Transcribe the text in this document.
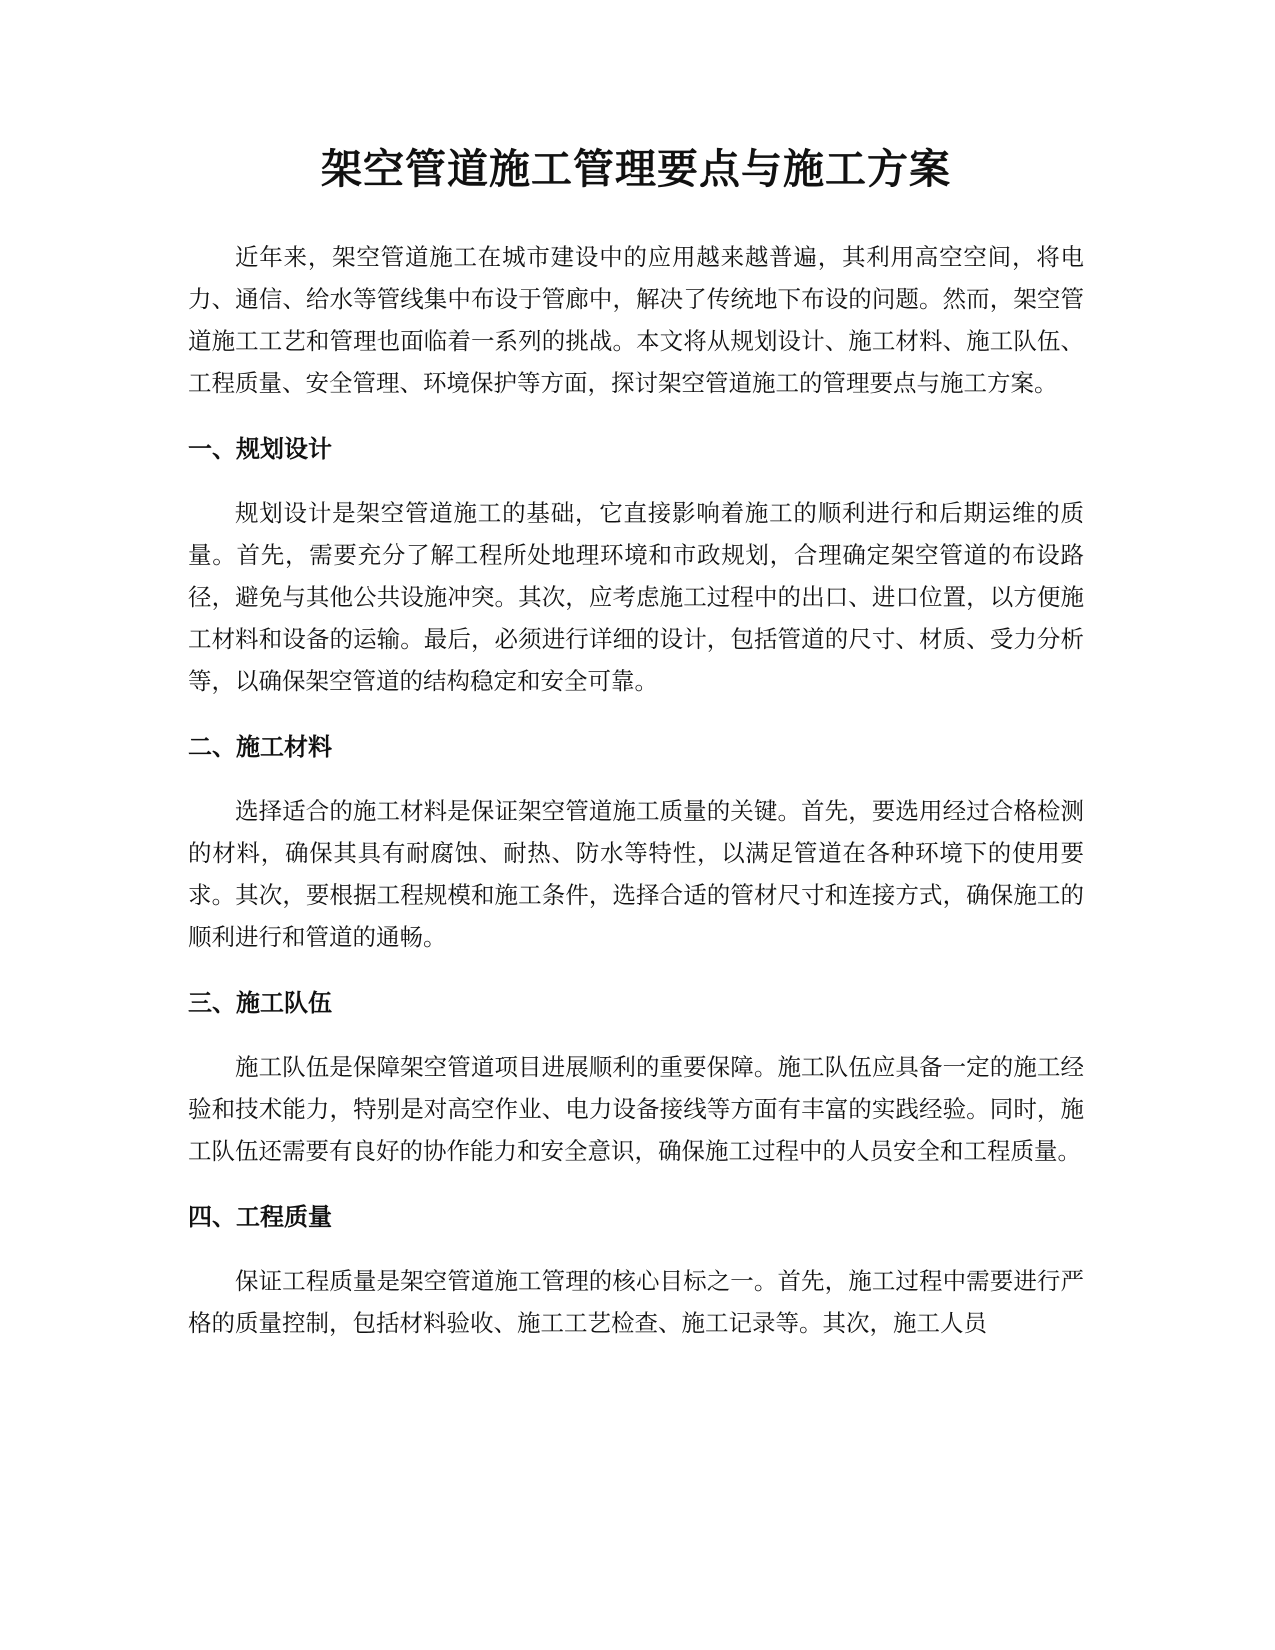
架空管道施工管理要点与施工方案

近年来，架空管道施工在城市建设中的应用越来越普遍，其利用高空空间，将电力、通信、给水等管线集中布设于管廊中，解决了传统地下布设的问题。然而，架空管道施工工艺和管理也面临着一系列的挑战。本文将从规划设计、施工材料、施工队伍、工程质量、安全管理、环境保护等方面，探讨架空管道施工的管理要点与施工方案。

一、规划设计

规划设计是架空管道施工的基础，它直接影响着施工的顺利进行和后期运维的质量。首先，需要充分了解工程所处地理环境和市政规划，合理确定架空管道的布设路径，避免与其他公共设施冲突。其次，应考虑施工过程中的出口、进口位置，以方便施工材料和设备的运输。最后，必须进行详细的设计，包括管道的尺寸、材质、受力分析等，以确保架空管道的结构稳定和安全可靠。

二、施工材料

选择适合的施工材料是保证架空管道施工质量的关键。首先，要选用经过合格检测的材料，确保其具有耐腐蚀、耐热、防水等特性，以满足管道在各种环境下的使用要求。其次，要根据工程规模和施工条件，选择合适的管材尺寸和连接方式，确保施工的顺利进行和管道的通畅。

三、施工队伍

施工队伍是保障架空管道项目进展顺利的重要保障。施工队伍应具备一定的施工经验和技术能力，特别是对高空作业、电力设备接线等方面有丰富的实践经验。同时，施工队伍还需要有良好的协作能力和安全意识，确保施工过程中的人员安全和工程质量。

四、工程质量

保证工程质量是架空管道施工管理的核心目标之一。首先，施工过程中需要进行严格的质量控制，包括材料验收、施工工艺检查、施工记录等。其次，施工人员
